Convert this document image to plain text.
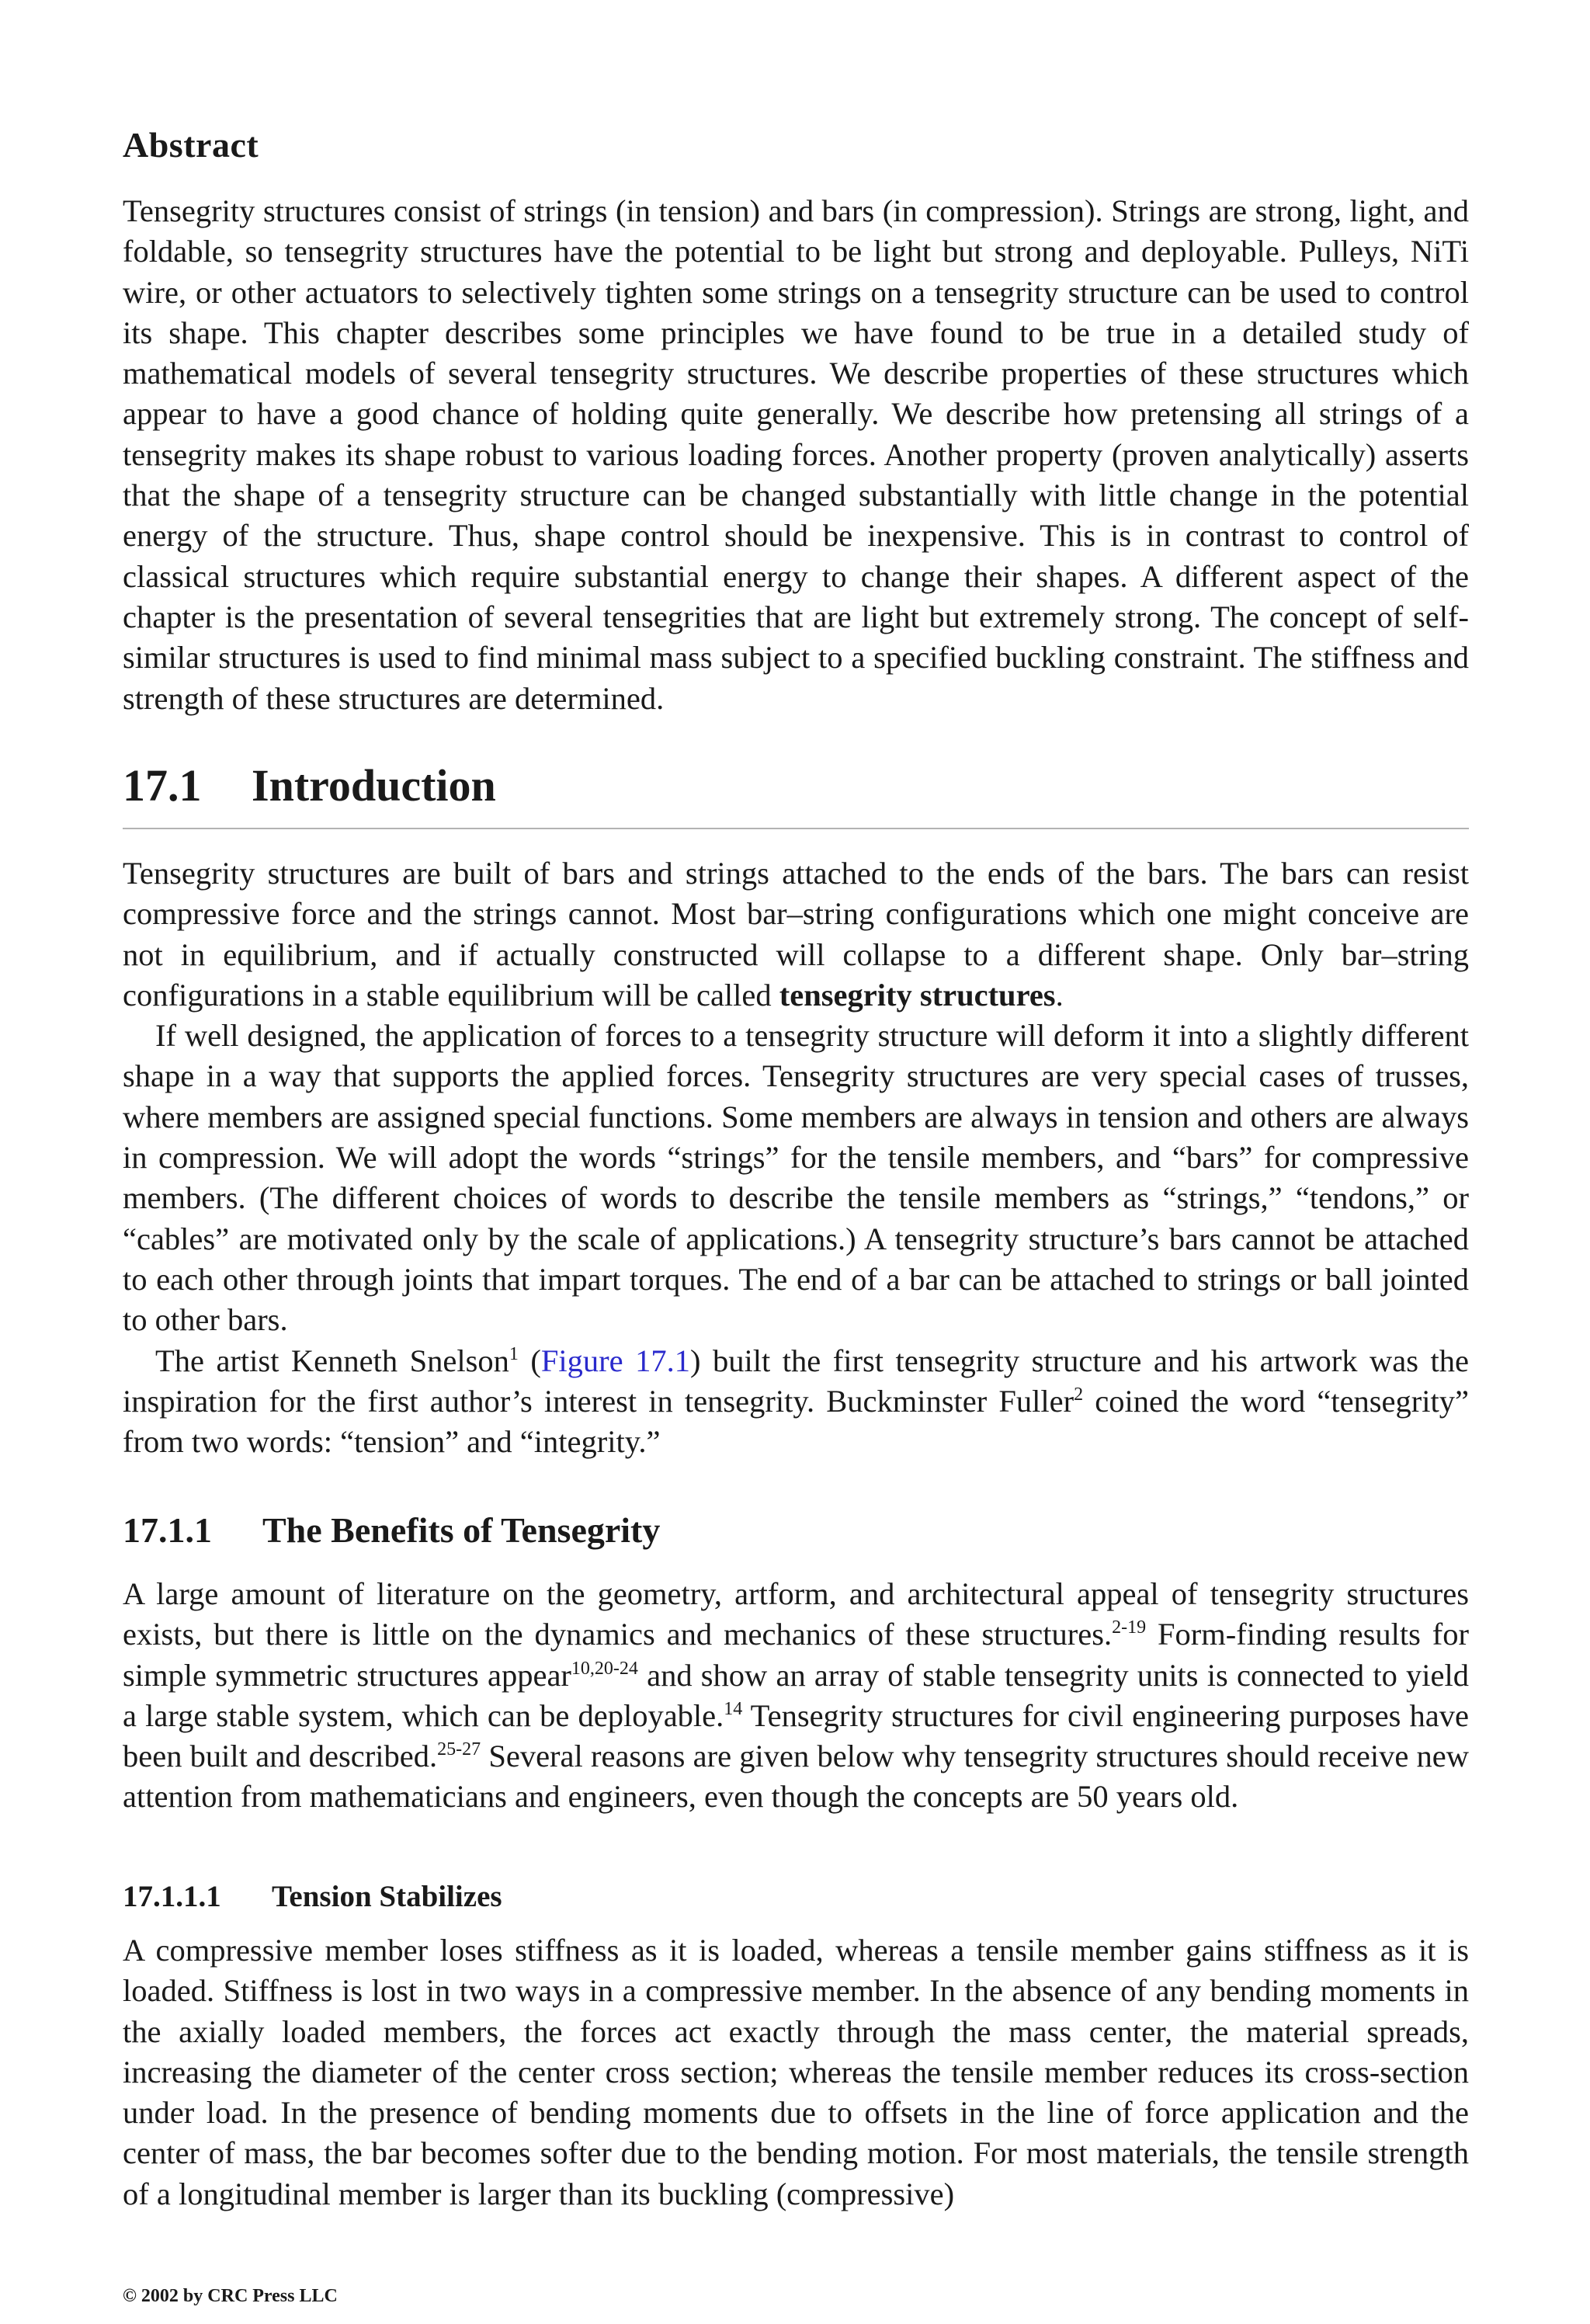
Abstract

Tensegrity structures consist of strings (in tension) and bars (in compression). Strings are strong, light, and foldable, so tensegrity structures have the potential to be light but strong and deployable. Pulleys, NiTi wire, or other actuators to selectively tighten some strings on a tensegrity structure can be used to control its shape. This chapter describes some principles we have found to be true in a detailed study of mathematical models of several tensegrity structures. We describe properties of these structures which appear to have a good chance of holding quite generally. We describe how pretensing all strings of a tensegrity makes its shape robust to various loading forces. Another property (proven analytically) asserts that the shape of a tensegrity structure can be changed substantially with little change in the potential energy of the structure. Thus, shape control should be inexpensive. This is in contrast to control of classical structures which require substantial energy to change their shapes. A different aspect of the chapter is the presentation of several tensegrities that are light but extremely strong. The concept of self-similar structures is used to find minimal mass subject to a specified buckling constraint. The stiffness and strength of these structures are determined.

17.1 Introduction

Tensegrity structures are built of bars and strings attached to the ends of the bars. The bars can resist compressive force and the strings cannot. Most bar–string configurations which one might conceive are not in equilibrium, and if actually constructed will collapse to a different shape. Only bar–string configurations in a stable equilibrium will be called tensegrity structures.

If well designed, the application of forces to a tensegrity structure will deform it into a slightly different shape in a way that supports the applied forces. Tensegrity structures are very special cases of trusses, where members are assigned special functions. Some members are always in tension and others are always in compression. We will adopt the words “strings” for the tensile members, and “bars” for compressive members. (The different choices of words to describe the tensile members as “strings,” “tendons,” or “cables” are motivated only by the scale of applications.) A tensegrity structure’s bars cannot be attached to each other through joints that impart torques. The end of a bar can be attached to strings or ball jointed to other bars.

The artist Kenneth Snelson$^1$ (Figure 17.1) built the first tensegrity structure and his artwork was the inspiration for the first author’s interest in tensegrity. Buckminster Fuller$^2$ coined the word “tensegrity” from two words: “tension” and “integrity.”

17.1.1 The Benefits of Tensegrity

A large amount of literature on the geometry, artform, and architectural appeal of tensegrity structures exists, but there is little on the dynamics and mechanics of these structures.$^{2-19}$ Form-finding results for simple symmetric structures appear$^{10,20-24}$ and show an array of stable tensegrity units is connected to yield a large stable system, which can be deployable.$^{14}$ Tensegrity structures for civil engineering purposes have been built and described.$^{25-27}$ Several reasons are given below why tensegrity structures should receive new attention from mathematicians and engineers, even though the concepts are 50 years old.

17.1.1.1 Tension Stabilizes

A compressive member loses stiffness as it is loaded, whereas a tensile member gains stiffness as it is loaded. Stiffness is lost in two ways in a compressive member. In the absence of any bending moments in the axially loaded members, the forces act exactly through the mass center, the material spreads, increasing the diameter of the center cross section; whereas the tensile member reduces its cross-section under load. In the presence of bending moments due to offsets in the line of force application and the center of mass, the bar becomes softer due to the bending motion. For most materials, the tensile strength of a longitudinal member is larger than its buckling (compressive)

© 2002 by CRC Press LLC
